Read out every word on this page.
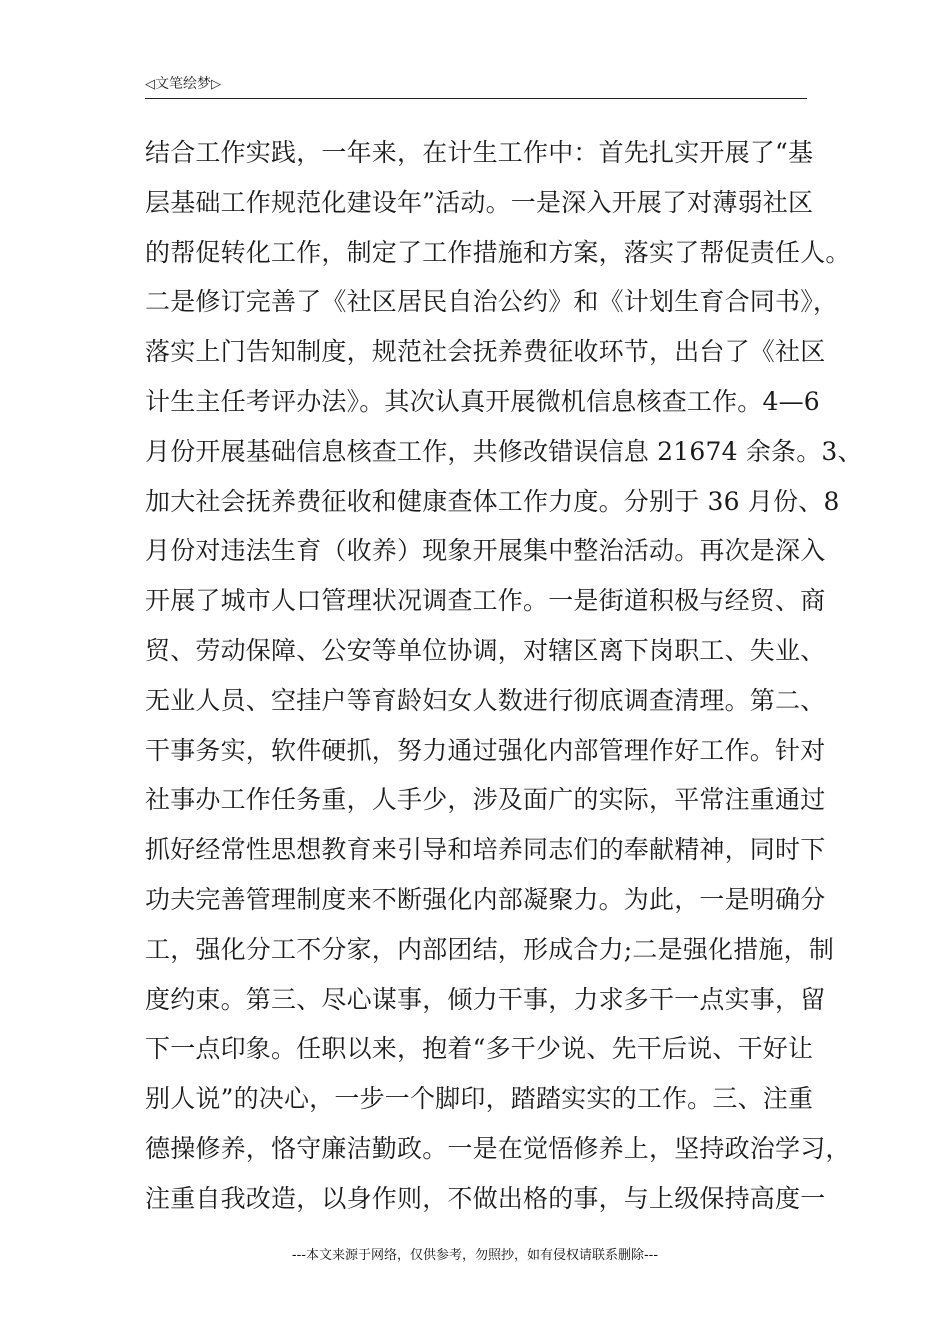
◁文笔绘梦▷
结合工作实践，一年来，在计生工作中：首先扎实开展了“基
层基础工作规范化建设年”活动。一是深入开展了对薄弱社区
的帮促转化工作，制定了工作措施和方案，落实了帮促责任人。
二是修订完善了《社区居民自治公约》和《计划生育合同书》，
落实上门告知制度，规范社会抚养费征收环节，出台了《社区
计生主任考评办法》。其次认真开展微机信息核查工作。4—6
月份开展基础信息核查工作，共修改错误信息 21674 余条。3、
加大社会抚养费征收和健康查体工作力度。分别于 36 月份、8
月份对违法生育（收养）现象开展集中整治活动。再次是深入
开展了城市人口管理状况调查工作。一是街道积极与经贸、商
贸、劳动保障、公安等单位协调，对辖区离下岗职工、失业、
无业人员、空挂户等育龄妇女人数进行彻底调查清理。第二、
干事务实，软件硬抓，努力通过强化内部管理作好工作。针对
社事办工作任务重，人手少，涉及面广的实际，平常注重通过
抓好经常性思想教育来引导和培养同志们的奉献精神，同时下
功夫完善管理制度来不断强化内部凝聚力。为此，一是明确分
工，强化分工不分家，内部团结，形成合力;二是强化措施，制
度约束。第三、尽心谋事，倾力干事，力求多干一点实事，留
下一点印象。任职以来，抱着“多干少说、先干后说、干好让
别人说”的决心，一步一个脚印，踏踏实实的工作。三、注重
德操修养，恪守廉洁勤政。一是在觉悟修养上，坚持政治学习，
注重自我改造，以身作则，不做出格的事，与上级保持高度一
---本文来源于网络，仅供参考，勿照抄，如有侵权请联系删除---
